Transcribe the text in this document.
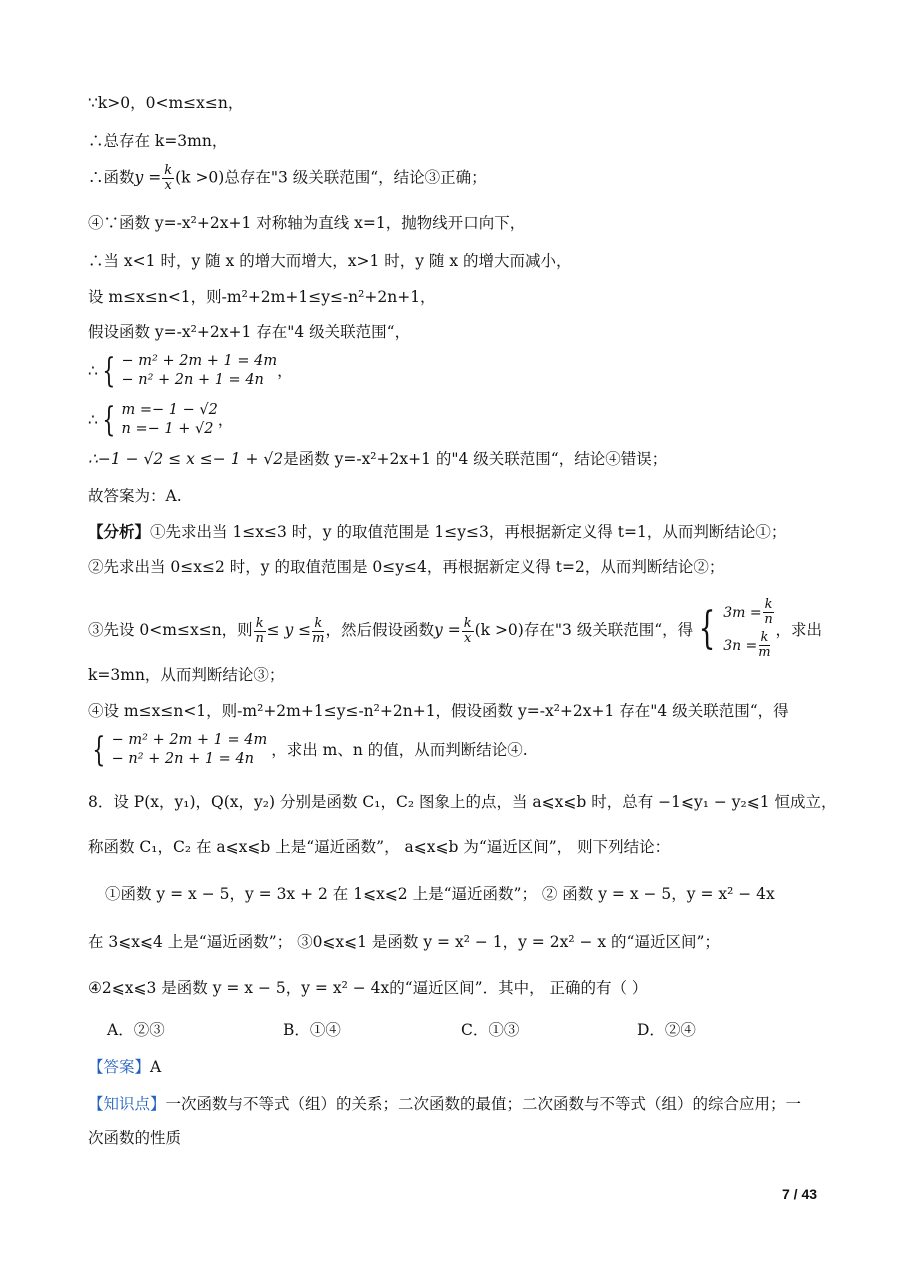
∵k>0，0<m≤x≤n，
∴总存在 k=3mn，
∴函数$y = \frac{k}{x} (k >0)$总存在"3 级关联范围“，结论③正确；
④∵函数 y=-x²+2x+1 对称轴为直线 x=1，抛物线开口向下，
∴当 x<1 时，y 随 x 的增大而增大，x>1 时，y 随 x 的增大而减小，
设 m≤x≤n<1，则-m²+2m+1≤y≤-n²+2n+1，
假设函数 y=-x²+2x+1 存在"4 级关联范围“，
∴ { − m² + 2m + 1 = 4m
− n² + 2n + 1 = 4n ，
∴ { m =− 1 − √2
n =− 1 + √2 ，
∴−1 − √2 ≤ x ≤− 1 + √2是函数 y=-x²+2x+1 的"4 级关联范围“，结论④错误；
故答案为：A.
【分析】①先求出当 1≤x≤3 时，y 的取值范围是 1≤y≤3，再根据新定义得 t=1，从而判断结论①；
②先求出当 0≤x≤2 时，y 的取值范围是 0≤y≤4，再根据新定义得 t=2，从而判断结论②；
③先设 0<m≤x≤n，则 $\frac{k}{n} \le y \le \frac{k}{m}$ ，然后假设函数$y = \frac{k}{x} (k >0)$存在"3 级关联范围“，得 { $3m = \frac{k}{n}$
$3n = \frac{k}{m}$
，求出
k=3mn，从而判断结论③；
④设 m≤x≤n<1，则-m²+2m+1≤y≤-n²+2n+1，假设函数 y=-x²+2x+1 存在"4 级关联范围“，得
{ − m² + 2m + 1 = 4m
− n² + 2n + 1 = 4n	，求出 m、n 的值，从而判断结论④.
8．设 P(x，y₁)，Q(x，y₂) 分别是函数 C₁，C₂ 图象上的点，当 a⩽x⩽b 时，总有 −1⩽y₁ − y₂⩽1 恒成立，
称函数 C₁，C₂ 在 a⩽x⩽b 上是“逼近函数”， a⩽x⩽b 为“逼近区间”， 则下列结论：
①函数 y = x − 5，y = 3x + 2 在 1⩽x⩽2 上是“逼近函数”； ② 函数 y = x − 5，y = x² − 4x
在 3⩽x⩽4 上是“逼近函数”； ③0⩽x⩽1 是函数 y = x² − 1，y = 2x² − x 的“逼近区间”；
④2⩽x⩽3 是函数 y = x − 5，y = x² − 4x的“逼近区间”．其中， 正确的有（ ）
A．②③	B．①④	C．①③	D．②④
【答案】A
【知识点】一次函数与不等式（组）的关系；二次函数的最值；二次函数与不等式（组）的综合应用；一
次函数的性质
7 / 43
